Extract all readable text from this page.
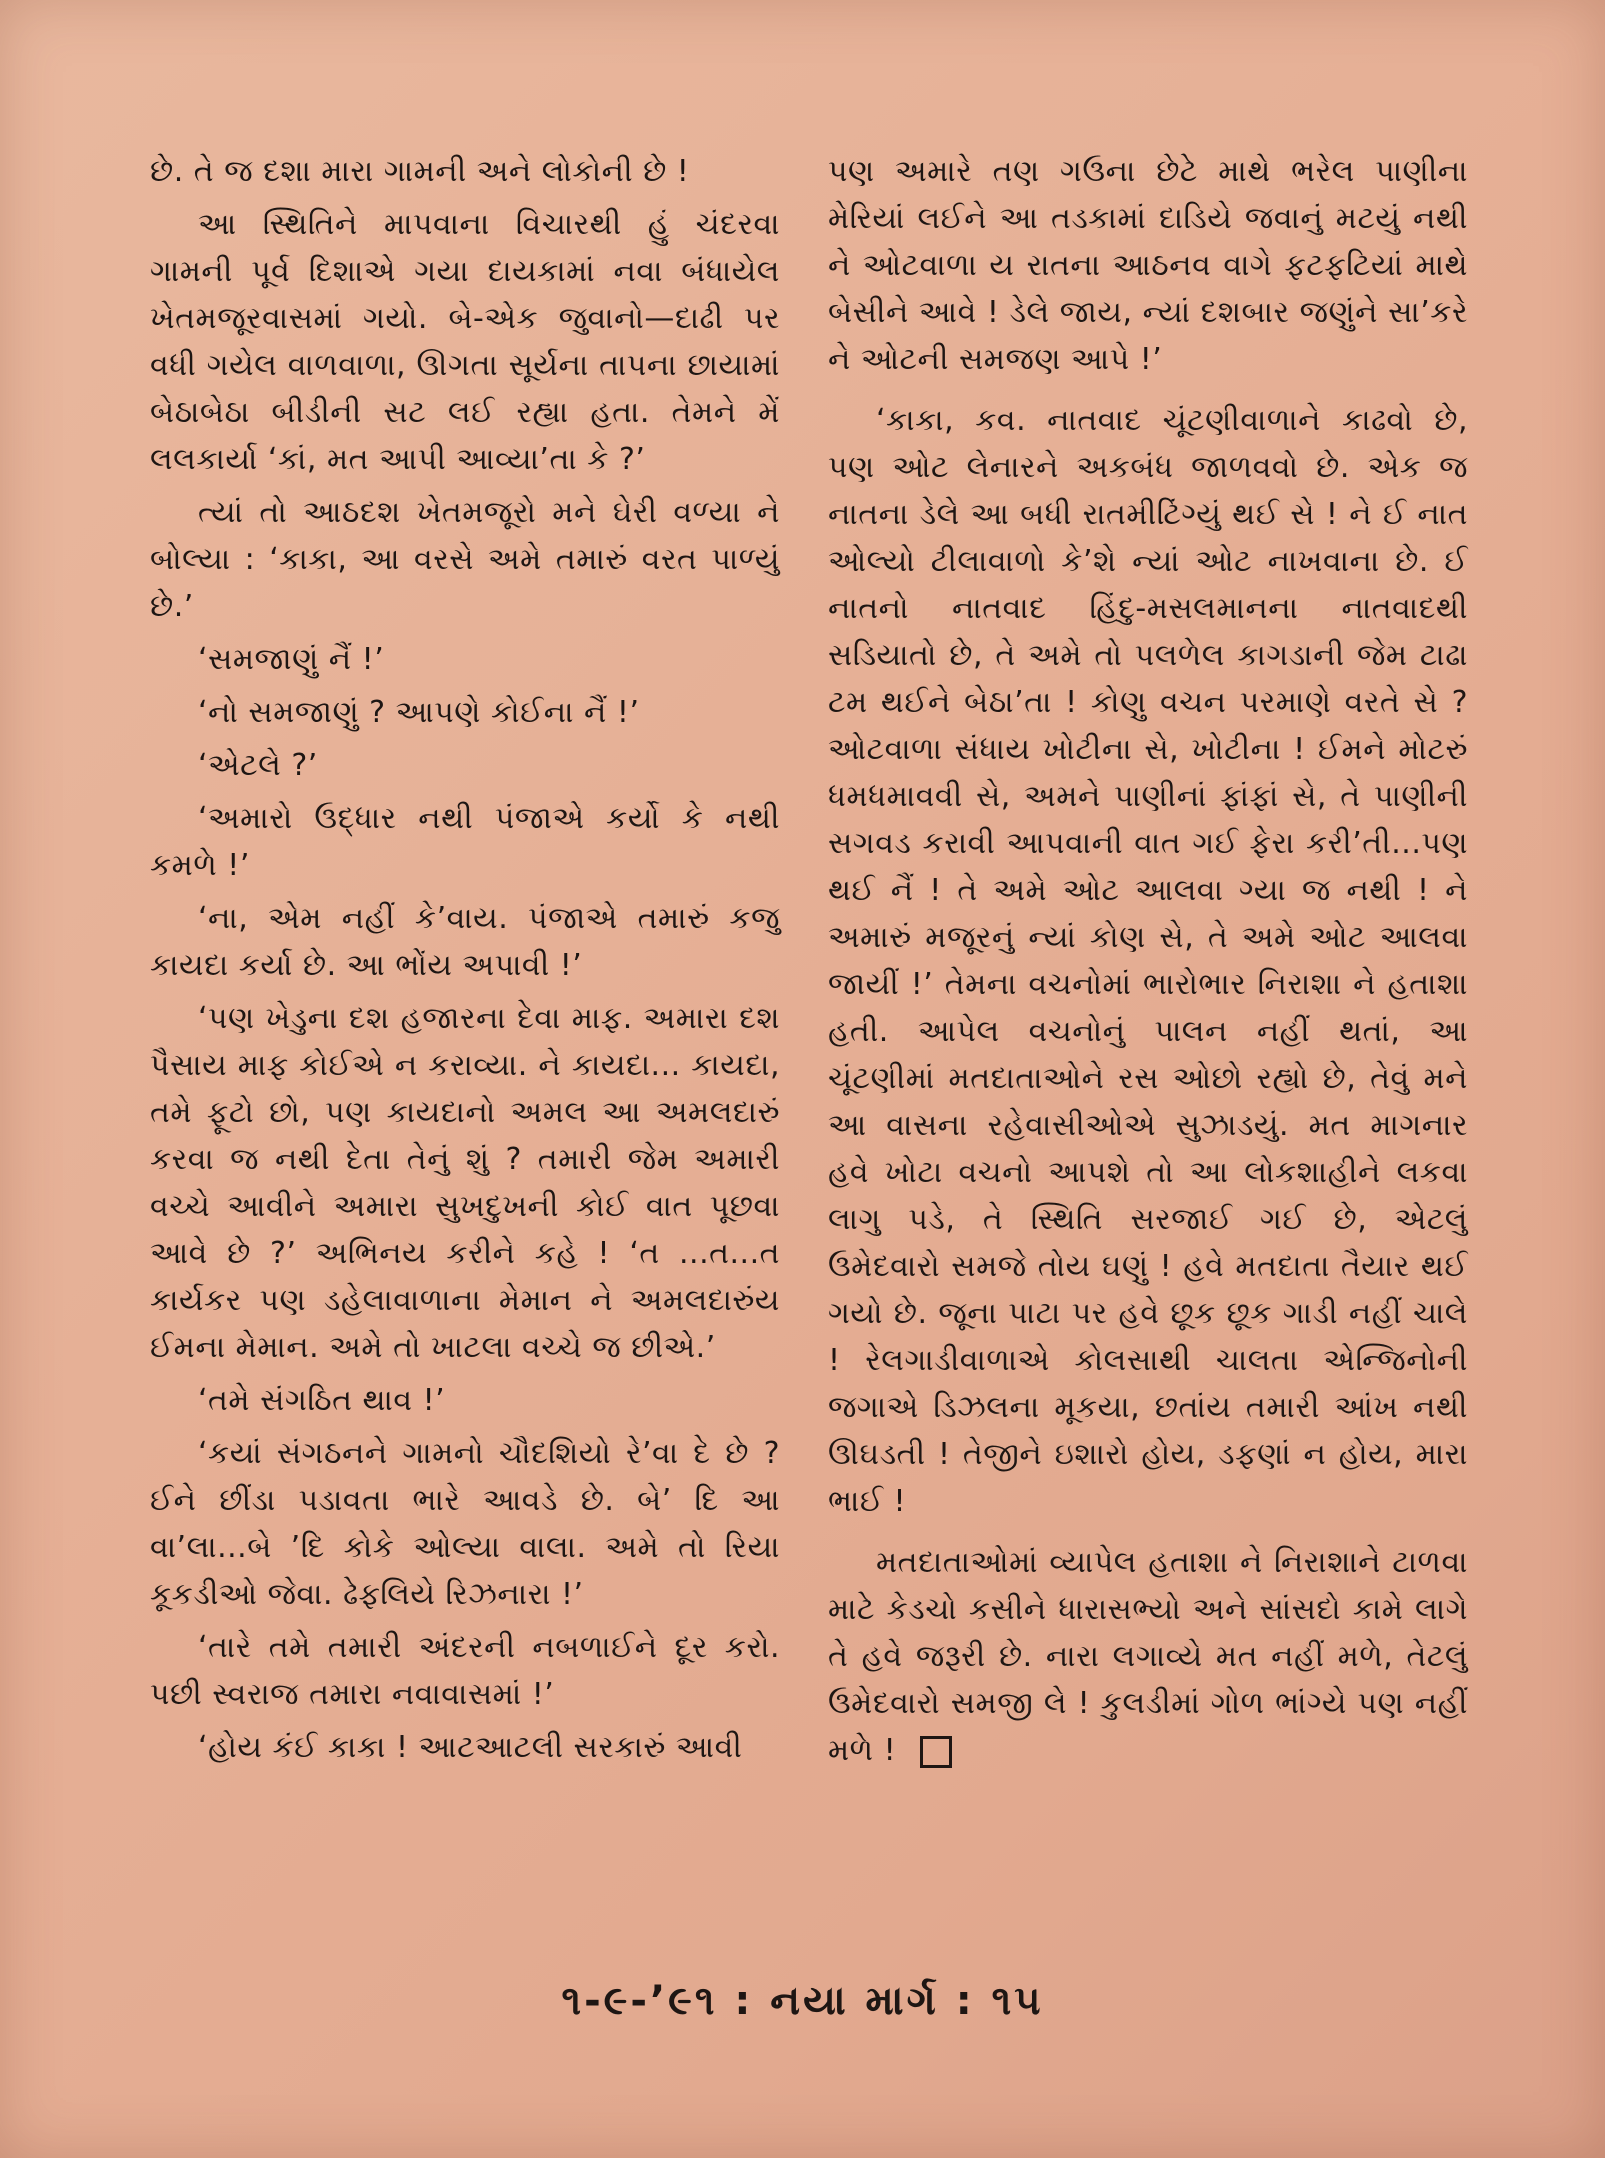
છે. તે જ દશા મારા ગામની અને લોકોની છે !

આ સ્થિતિને માપવાના વિચારથી હું ચંદરવા ગામની પૂર્વ દિશાએ ગયા દાયકામાં નવા બંધાયેલ ખેતમજૂરવાસમાં ગયો. બે-એક જુવાનો—દાઢી પર વધી ગયેલ વાળવાળા, ઊગતા સૂર્યના તાપના છાયામાં બેઠાબેઠા બીડીની સટ લઈ રહ્યા હતા. તેમને મેં લલકાર્યા ‘કાં, મત આપી આવ્યા’તા કે ?’

ત્યાં તો આઠદશ ખેતમજૂરો મને ઘેરી વળ્યા ને બોલ્યા : ‘કાકા, આ વરસે અમે તમારું વરત પાળ્યું છે.’

‘સમજાણું નૈં !’

‘નો સમજાણું ? આપણે કોઈના નૈં !’

‘એટલે ?’

‘અમારો ઉદ્ધાર નથી પંજાએ કર્યો કે નથી કમળે !’

‘ના, એમ નહીં કે’વાય. પંજાએ તમારું કજુ કાયદા કર્યા છે. આ ભોંય અપાવી !’

‘પણ ખેડુના દશ હજારના દેવા માફ. અમારા દશ પૈસાય માફ કોઈએ ન કરાવ્યા. ને કાયદા... કાયદા, તમે ફૂટો છો, પણ કાયદાનો અમલ આ અમલદારું કરવા જ નથી દેતા તેનું શું ? તમારી જેમ અમારી વચ્ચે આવીને અમારા સુખદુખની કોઈ વાત પૂછવા આવે છે ?’ અભિનય કરીને કહે ! ‘ત ...ત...ત કાર્યકર પણ ડહેલાવાળાના મેમાન ને અમલદારુંય ઈમના મેમાન. અમે તો ખાટલા વચ્ચે જ છીએ.’

‘તમે સંગઠિત થાવ !’

‘કયાં સંગઠનને ગામનો ચૌદશિયો રે’વા દે છે ? ઈને છીંડા પડાવતા ભારે આવડે છે. બે’ દિ આ વા’લા...બે ’દિ કોકે ઓલ્યા વાલા. અમે તો રિયા કૂકડીઓ જેવા. ઢેફલિયે રિઝનારા !’

‘તારે તમે તમારી અંદરની નબળાઈને દૂર કરો. પછી સ્વરાજ તમારા નવાવાસમાં !’

‘હોય કંઈ કાકા ! આટઆટલી સરકારું આવી

પણ અમારે તણ ગઉના છેટે માથે ભરેલ પાણીના મેરિયાં લઈને આ તડકામાં દાડિયે જવાનું મટયું નથી ને ઓટવાળા ય રાતના આઠનવ વાગે ફટફટિયાં માથે બેસીને આવે ! ડેલે જાય, ન્યાં દશબાર જણુંને સા’કરે ને ઓટની સમજણ આપે !’

‘કાકા, કવ. નાતવાદ ચૂંટણીવાળાને કાઢવો છે, પણ ઓટ લેનારને અકબંધ જાળવવો છે. એક જ નાતના ડેલે આ બધી રાતમીટિંગ્યું થઈ સે ! ને ઈ નાત ઓલ્યો ટીલાવાળો કે’શે ન્યાં ઓટ નાખવાના છે. ઈ નાતનો નાતવાદ હિંદુ-મસલમાનના નાતવાદથી સડિયાતો છે, તે અમે તો પલળેલ કાગડાની જેમ ટાઢા ટમ થઈને બેઠા’તા ! કોણુ વચન પરમાણે વરતે સે ? ઓટવાળા સંધાય ખોટીના સે, ખોટીના ! ઈમને મોટરું ધમધમાવવી સે, અમને પાણીનાં ફાંફાં સે, તે પાણીની સગવડ કરાવી આપવાની વાત ગઈ ફેરા કરી’તી...પણ થઈ નૈં ! તે અમે ઓટ આલવા ગ્યા જ નથી ! ને અમારું મજૂરનું ન્યાં કોણ સે, તે અમે ઓટ આલવા જાયીં !’ તેમના વચનોમાં ભારોભાર નિરાશા ને હતાશા હતી. આપેલ વચનોનું પાલન નહીં થતાં, આ ચૂંટણીમાં મતદાતાઓને રસ ઓછો રહ્યો છે, તેવું મને આ વાસના રહેવાસીઓએ સુઝાડયું. મત માગનાર હવે ખોટા વચનો આપશે તો આ લોકશાહીને લકવા લાગુ પડે, તે સ્થિતિ સરજાઈ ગઈ છે, એટલું ઉમેદવારો સમજે તોય ઘણું ! હવે મતદાતા તૈયાર થઈ ગયો છે. જૂના પાટા પર હવે છૂક છૂક ગાડી નહીં ચાલે ! રેલગાડીવાળાએ કોલસાથી ચાલતા એન્જિનોની જગાએ ડિઝલના મૂકયા, છતાંય તમારી આંખ નથી ઊઘડતી ! તેજીને ઇશારો હોય, ડફણાં ન હોય, મારા ભાઈ !

મતદાતાઓમાં વ્યાપેલ હતાશા ને નિરાશાને ટાળવા માટે કેડચો કસીને ધારાસભ્યો અને સાંસદો કામે લાગે તે હવે જરૂરી છે. નારા લગાવ્યે મત નહીં મળે, તેટલું ઉમેદવારો સમજી લે ! કુલડીમાં ગોળ ભાંગ્યે પણ નહીં મળે !

૧-૯-’૯૧ : નયા માર્ગ : ૧૫
